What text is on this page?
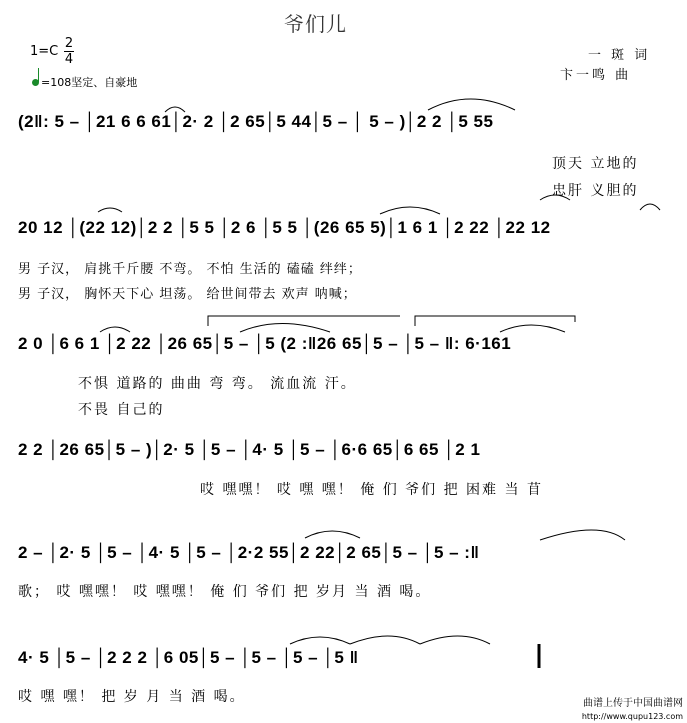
爷们儿
1=C
2
4
=108坚定、自豪地
一 斑 词
卞一鸣 曲
(2‖: 5 – │21 6 6 61│2· 2 │2 65│5 44│5 – │ 5 – )│2 2 │5 55
顶天 立地的
忠肝 义胆的
20 12 │(22 12)│2 2 │5 5 │2 6 │5 5 │(26 65 5)│1 6 1 │2 22 │22 12
男 子汉， 肩挑千斤腰 不弯。 不怕 生活的 磕磕 绊绊；
男 子汉， 胸怀天下心 坦荡。 给世间带去 欢声 呐喊；
2 0 │6 6 1 │2 22 │26 65│5 – │5 (2 :‖26 65│5 – │5 – ‖: 6·161
不惧 道路的 曲曲 弯 弯。 流血流 汗。
不畏 自己的
2 2 │26 65│5 – )│2· 5 │5 – │4· 5 │5 – │6·6 65│6 65 │2 1
哎 嘿嘿！ 哎 嘿 嘿！ 俺 们 爷们 把 困难 当 苜
2 – │2· 5 │5 – │4· 5 │5 – │2·2 55│2 22│2 65│5 – │5 – :‖
歌； 哎 嘿嘿！ 哎 嘿嘿！ 俺 们 爷们 把 岁月 当 酒 喝。
4· 5 │5 – │2 2 2 │6 05│5 – │5 – │5 – │5 ‖
哎 嘿 嘿！ 把 岁 月 当 酒 喝。	曲谱上传于中国曲谱网
http://www.qupu123.com
